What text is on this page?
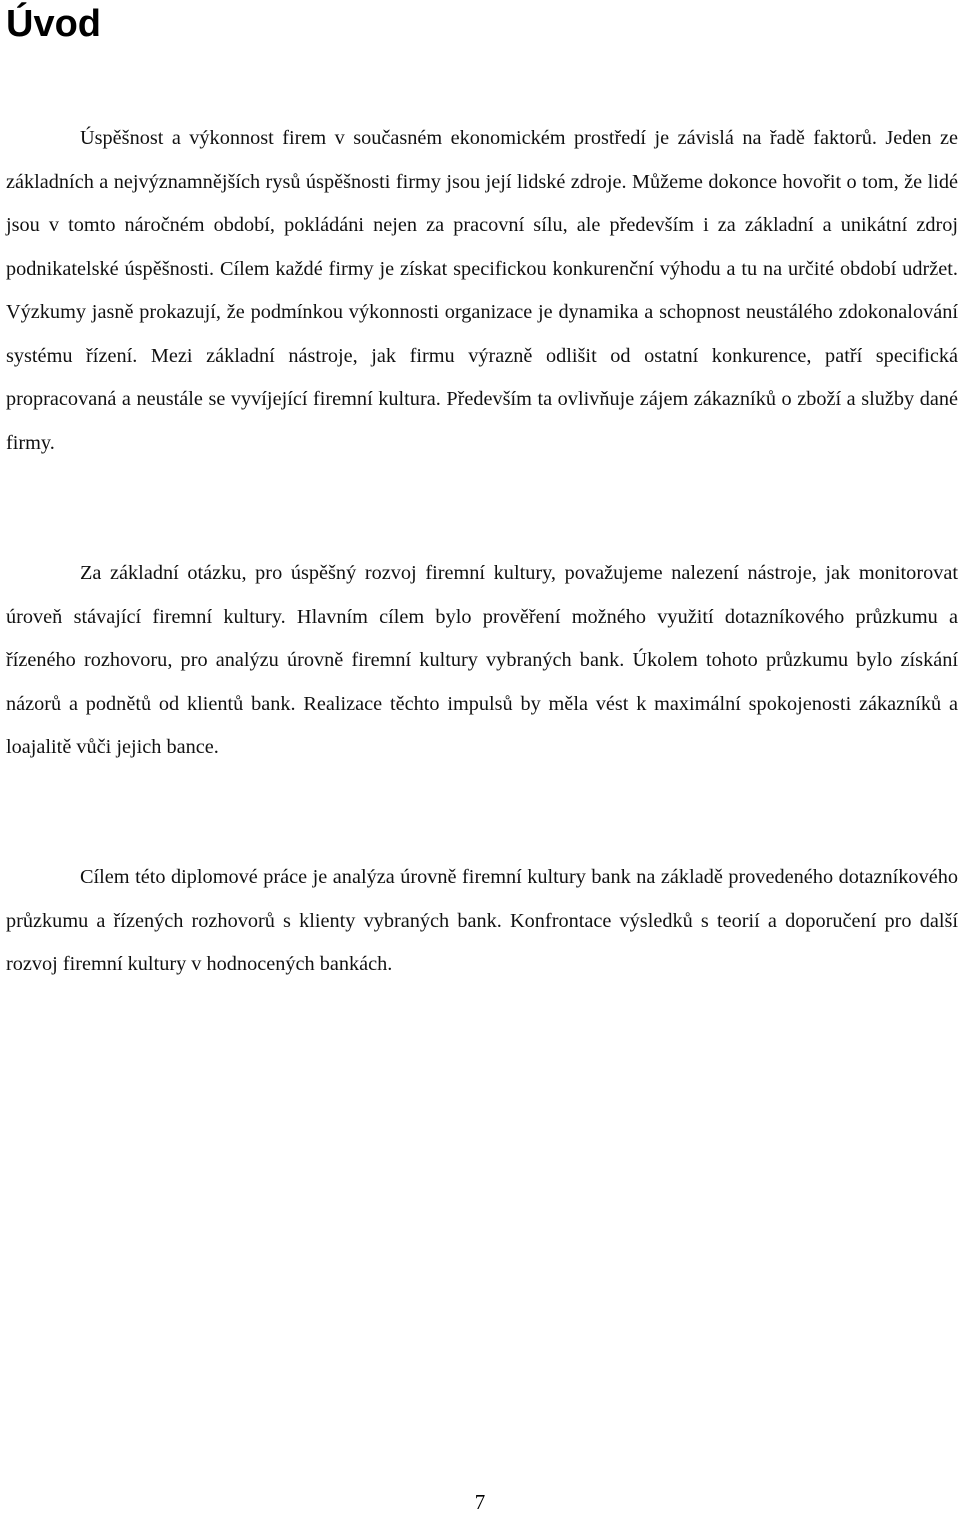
Úvod

Úspěšnost a výkonnost firem v současném ekonomickém prostředí je závislá na řadě faktorů. Jeden ze základních a nejvýznamnějších rysů úspěšnosti firmy jsou její lidské zdroje. Můžeme dokonce hovořit o tom, že lidé jsou v tomto náročném období, pokládáni nejen za pracovní sílu, ale především i za základní a unikátní zdroj podnikatelské úspěšnosti. Cílem každé firmy je získat specifickou konkurenční výhodu a tu na určité období udržet. Výzkumy jasně prokazují, že podmínkou výkonnosti organizace je dynamika a schopnost neustálého zdokonalování systému řízení. Mezi základní nástroje, jak firmu výrazně odlišit od ostatní konkurence, patří specifická propracovaná a neustále se vyvíjející firemní kultura. Především ta ovlivňuje zájem zákazníků o zboží a služby dané firmy.

Za základní otázku, pro úspěšný rozvoj firemní kultury, považujeme nalezení nástroje, jak monitorovat úroveň stávající firemní kultury. Hlavním cílem bylo prověření možného využití dotazníkového průzkumu a řízeného rozhovoru, pro analýzu úrovně firemní kultury vybraných bank. Úkolem tohoto průzkumu bylo získání názorů a podnětů od klientů bank. Realizace těchto impulsů by měla vést k maximální spokojenosti zákazníků a loajalitě vůči jejich bance.

Cílem této diplomové práce je analýza úrovně firemní kultury bank na základě provedeného dotazníkového průzkumu a řízených rozhovorů s klienty vybraných bank. Konfrontace výsledků s teorií a doporučení pro další rozvoj firemní kultury v hodnocených bankách.

7
